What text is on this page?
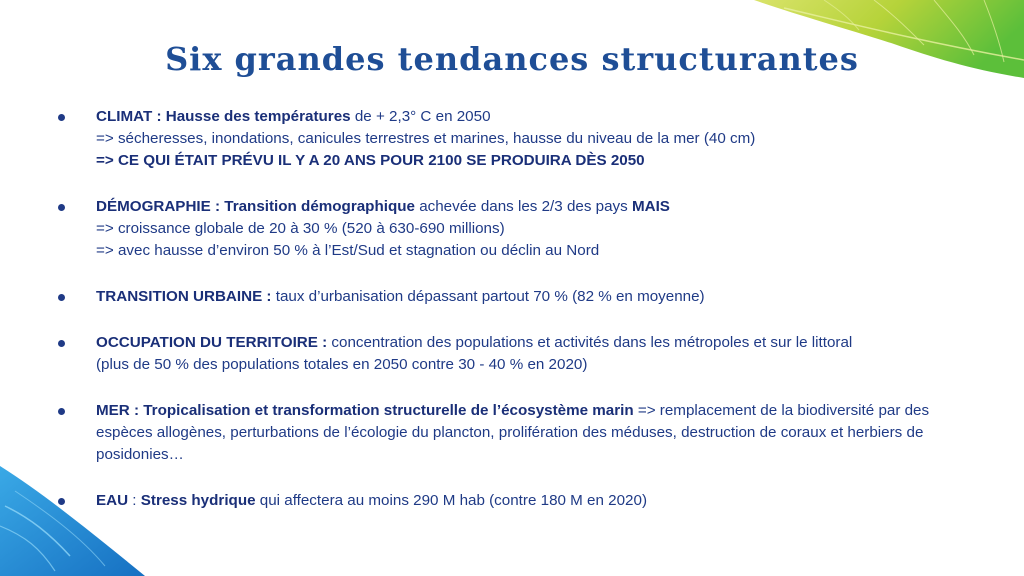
Six grandes tendances structurantes
CLIMAT : Hausse des températures de + 2,3° C en 2050
=> sécheresses, inondations, canicules terrestres et marines, hausse du niveau de la mer (40 cm)
=> CE QUI ÉTAIT PRÉVU IL Y A 20 ANS POUR 2100 SE PRODUIRA DÈS 2050
DÉMOGRAPHIE : Transition démographique achevée dans les 2/3 des pays MAIS
=> croissance globale de 20 à 30 % (520 à 630-690 millions)
=> avec hausse d’environ 50 % à l’Est/Sud et stagnation ou déclin au Nord
TRANSITION URBAINE : taux d’urbanisation dépassant partout 70 % (82 % en moyenne)
OCCUPATION DU TERRITOIRE : concentration des populations et activités dans les métropoles et sur le littoral
(plus de 50 % des populations totales en 2050 contre 30 - 40 % en 2020)
MER : Tropicalisation et transformation structurelle de l’écosystème marin => remplacement de la biodiversité par des espèces allogènes, perturbations de l’écologie du plancton, prolifération des méduses, destruction de coraux et herbiers de posidonies…
EAU : Stress hydrique qui affectera au moins 290 M hab (contre 180 M en 2020)
